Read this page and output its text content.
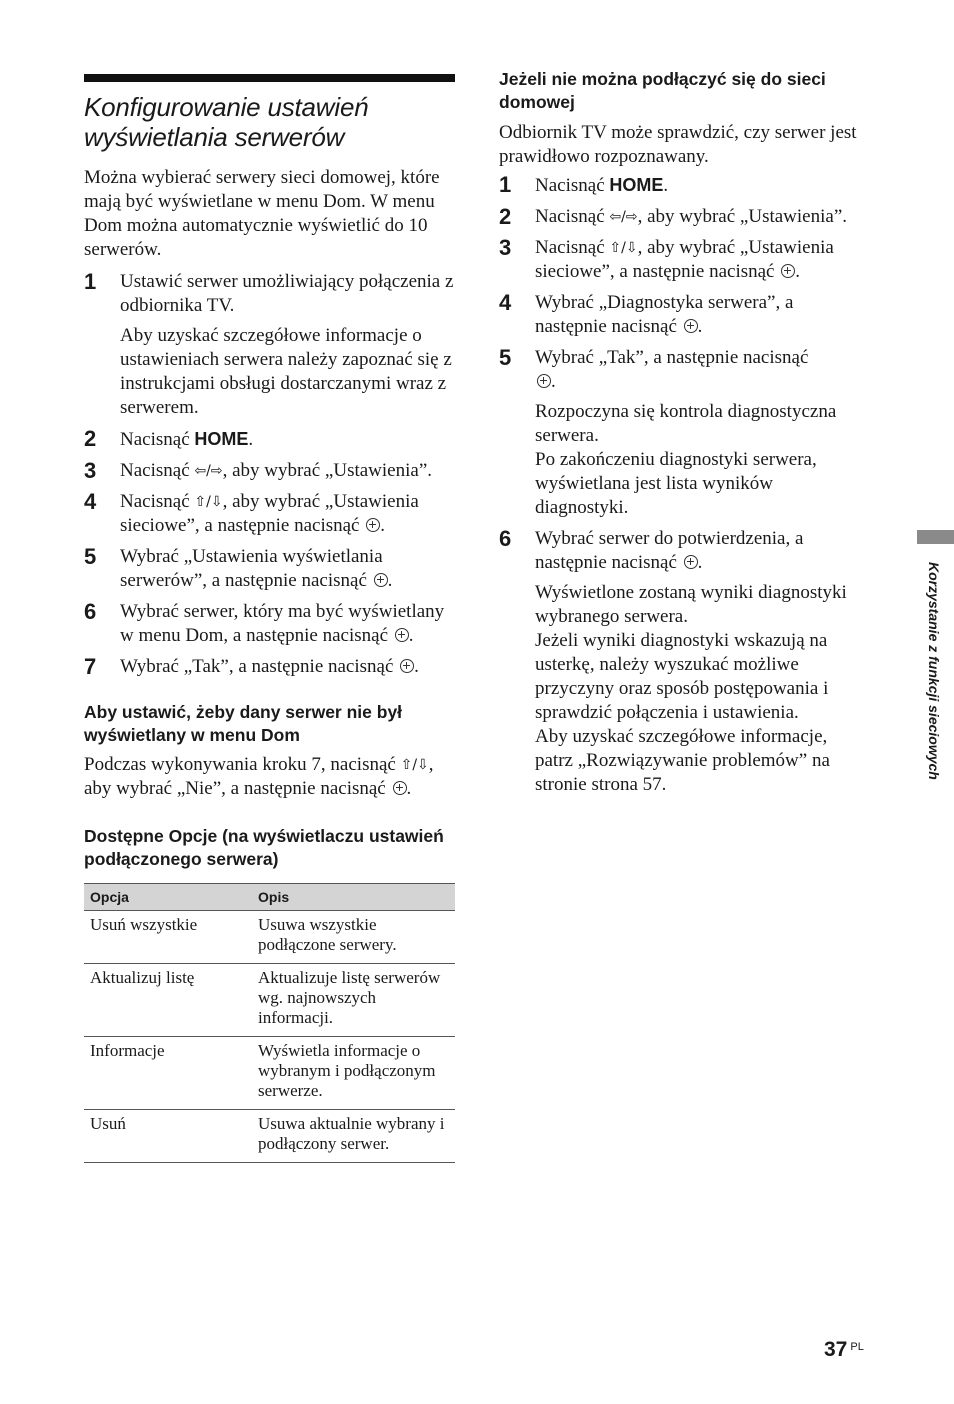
Konfigurowanie ustawień wyświetlania serwerów

Można wybierać serwery sieci domowej, które mają być wyświetlane w menu Dom. W menu Dom można automatycznie wyświetlić do 10 serwerów.

1	Ustawić serwer umożliwiający połączenia z odbiornika TV.
Aby uzyskać szczegółowe informacje o ustawieniach serwera należy zapoznać się z instrukcjami obsługi dostarczanymi wraz z serwerem.
2	Nacisnąć HOME.
3	Nacisnąć ⇦/⇨, aby wybrać „Ustawienia”.
4	Nacisnąć ⇧/⇩, aby wybrać „Ustawienia sieciowe”, a następnie nacisnąć .
5	Wybrać „Ustawienia wyświetlania serwerów”, a następnie nacisnąć .
6	Wybrać serwer, który ma być wyświetlany w menu Dom, a następnie nacisnąć .
7	Wybrać „Tak”, a następnie nacisnąć .
Aby ustawić, żeby dany serwer nie był wyświetlany w menu Dom

Podczas wykonywania kroku 7, nacisnąć ⇧/⇩, aby wybrać „Nie”, a następnie nacisnąć .

Dostępne Opcje (na wyświetlaczu ustawień podłączonego serwera)
Opcja	Opis
Usuń wszystkie	Usuwa wszystkie podłączone serwery.
Aktualizuj listę	Aktualizuje listę serwerów wg. najnowszych informacji.
Informacje	Wyświetla informacje o wybranym i podłączonym serwerze.
Usuń	Usuwa aktualnie wybrany i podłączony serwer.
Jeżeli nie można podłączyć się do sieci domowej

Odbiornik TV może sprawdzić, czy serwer jest prawidłowo rozpoznawany.

1	Nacisnąć HOME.
2	Nacisnąć ⇦/⇨, aby wybrać „Ustawienia”.
3	Nacisnąć ⇧/⇩, aby wybrać „Ustawienia sieciowe”, a następnie nacisnąć .
4	Wybrać „Diagnostyka serwera”, a następnie nacisnąć .
5	Wybrać „Tak”, a następnie nacisnąć
.
Rozpoczyna się kontrola diagnostyczna serwera.
Po zakończeniu diagnostyki serwera, wyświetlana jest lista wyników diagnostyki.
6	Wybrać serwer do potwierdzenia, a następnie nacisnąć .
Wyświetlone zostaną wyniki diagnostyki wybranego serwera.
Jeżeli wyniki diagnostyki wskazują na usterkę, należy wyszukać możliwe przyczyny oraz sposób postępowania i sprawdzić połączenia i ustawienia.
Aby uzyskać szczegółowe informacje, patrz „Rozwiązywanie problemów” na stronie strona 57.
Korzystanie z funkcji sieciowych
37 $^{PL}$
